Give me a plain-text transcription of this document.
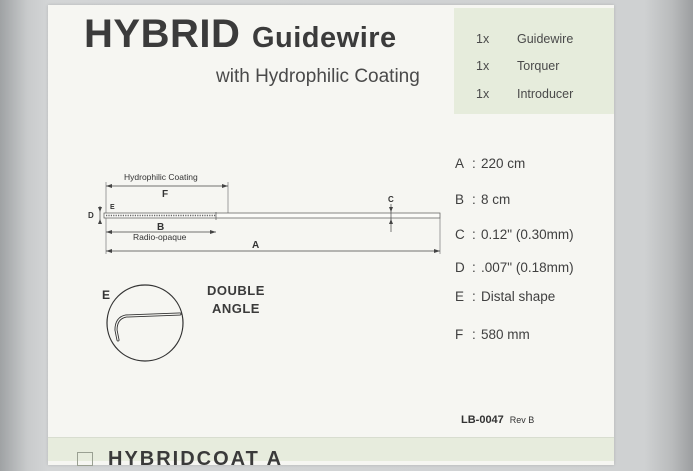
1x Guidewire
1x Torquer
1x Introducer
HYBRID Guidewire
with Hydrophilic Coating
Hydrophilic Coating
F
E
D
C
B
Radio-opaque
A
E	DOUBLE
ANGLE
A : 220 cm
B : 8 cm
C : 0.12" (0.30mm)
D : .007" (0.18mm)
E : Distal shape
F : 580 mm
LB-0047 Rev B
HYBRIDCOAT A
